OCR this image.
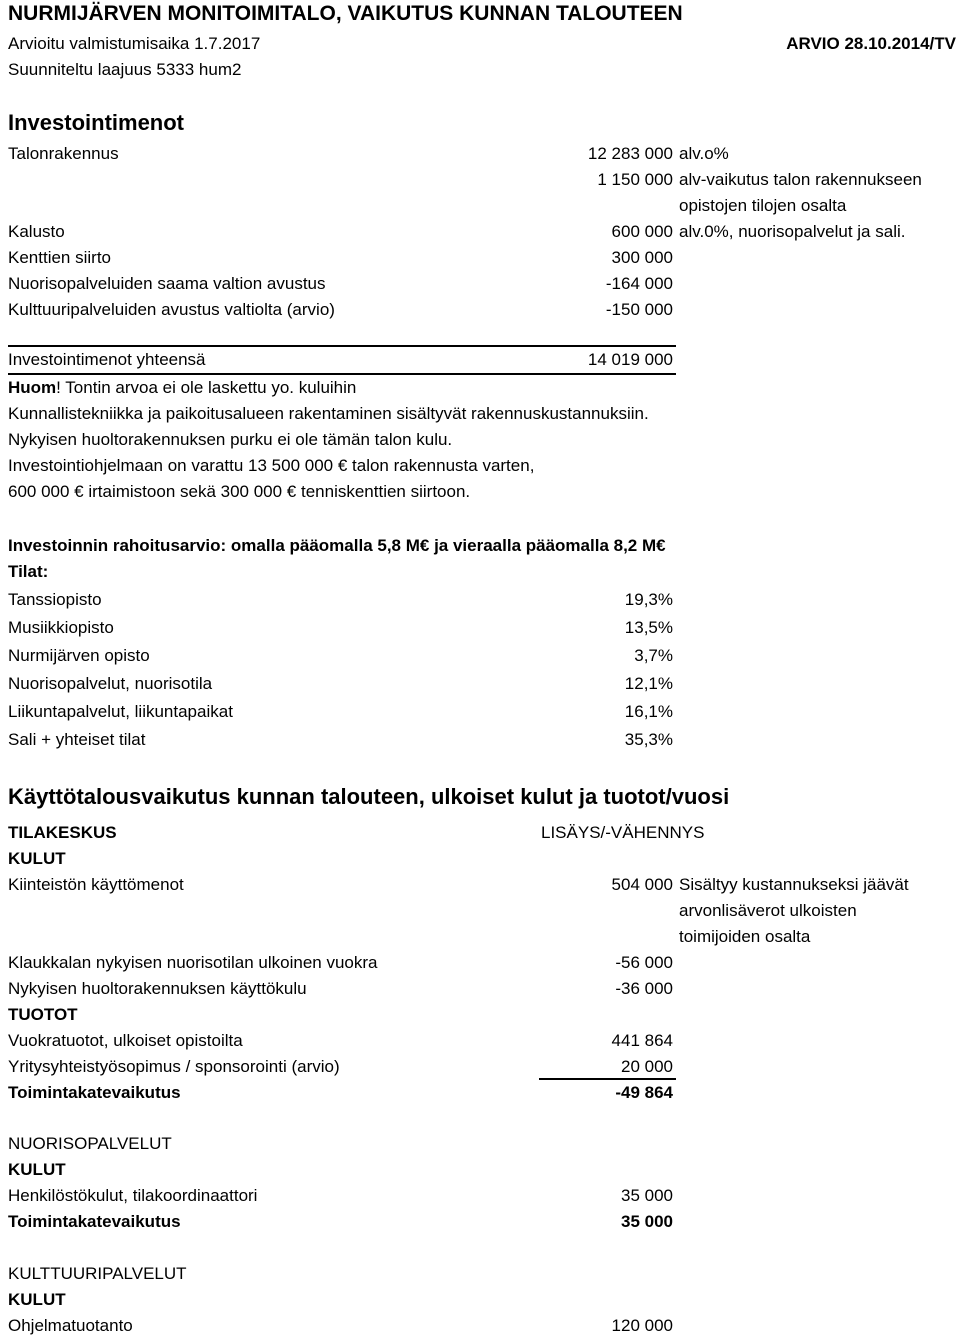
NURMIJÄRVEN MONITOIMITALO, VAIKUTUS KUNNAN TALOUTEEN
Arvioitu valmistumisaika 1.7.2017	ARVIO 28.10.2014/TV
Suunniteltu laajuus 5333 hum2
Investointimenot
Talonrakennus	12 283 000 alv.o%
1 150 000 alv-vaikutus talon rakennukseen
opistojen tilojen osalta
Kalusto	600 000 alv.0%, nuorisopalvelut ja sali.
Kenttien siirto	300 000
Nuorisopalveluiden saama valtion avustus	-164 000
Kulttuuripalveluiden avustus valtiolta (arvio)	-150 000
Investointimenot yhteensä	14 019 000
Huom! Tontin arvoa ei ole laskettu yo. kuluihin
Kunnallistekniikka ja paikoitusalueen rakentaminen sisältyvät rakennuskustannuksiin.
Nykyisen huoltorakennuksen purku ei ole tämän talon kulu.
Investointiohjelmaan on varattu 13 500 000 € talon rakennusta varten,
600 000 € irtaimistoon sekä 300 000 € tenniskenttien siirtoon.
Investoinnin rahoitusarvio: omalla pääomalla 5,8 M€ ja vieraalla pääomalla 8,2 M€
Tilat:
Tanssiopisto	19,3%
Musiikkiopisto	13,5%
Nurmijärven opisto	3,7%
Nuorisopalvelut, nuorisotila	12,1%
Liikuntapalvelut, liikuntapaikat	16,1%
Sali + yhteiset tilat	35,3%
Käyttötalousvaikutus kunnan talouteen, ulkoiset kulut ja tuotot/vuosi
TILAKESKUS	LISÄYS/-VÄHENNYS
KULUT
Kiinteistön käyttömenot	504 000 Sisältyy kustannukseksi jäävät
arvonlisäverot ulkoisten
toimijoiden osalta
Klaukkalan nykyisen nuorisotilan ulkoinen vuokra	-56 000
Nykyisen huoltorakennuksen käyttökulu	-36 000
TUOTOT
Vuokratuotot, ulkoiset opistoilta	441 864
Yritysyhteistyösopimus / sponsorointi (arvio)	20 000
Toimintakatevaikutus	-49 864
NUORISOPALVELUT
KULUT
Henkilöstökulut, tilakoordinaattori	35 000
Toimintakatevaikutus	35 000
KULTTUURIPALVELUT
KULUT
Ohjelmatuotanto	120 000
